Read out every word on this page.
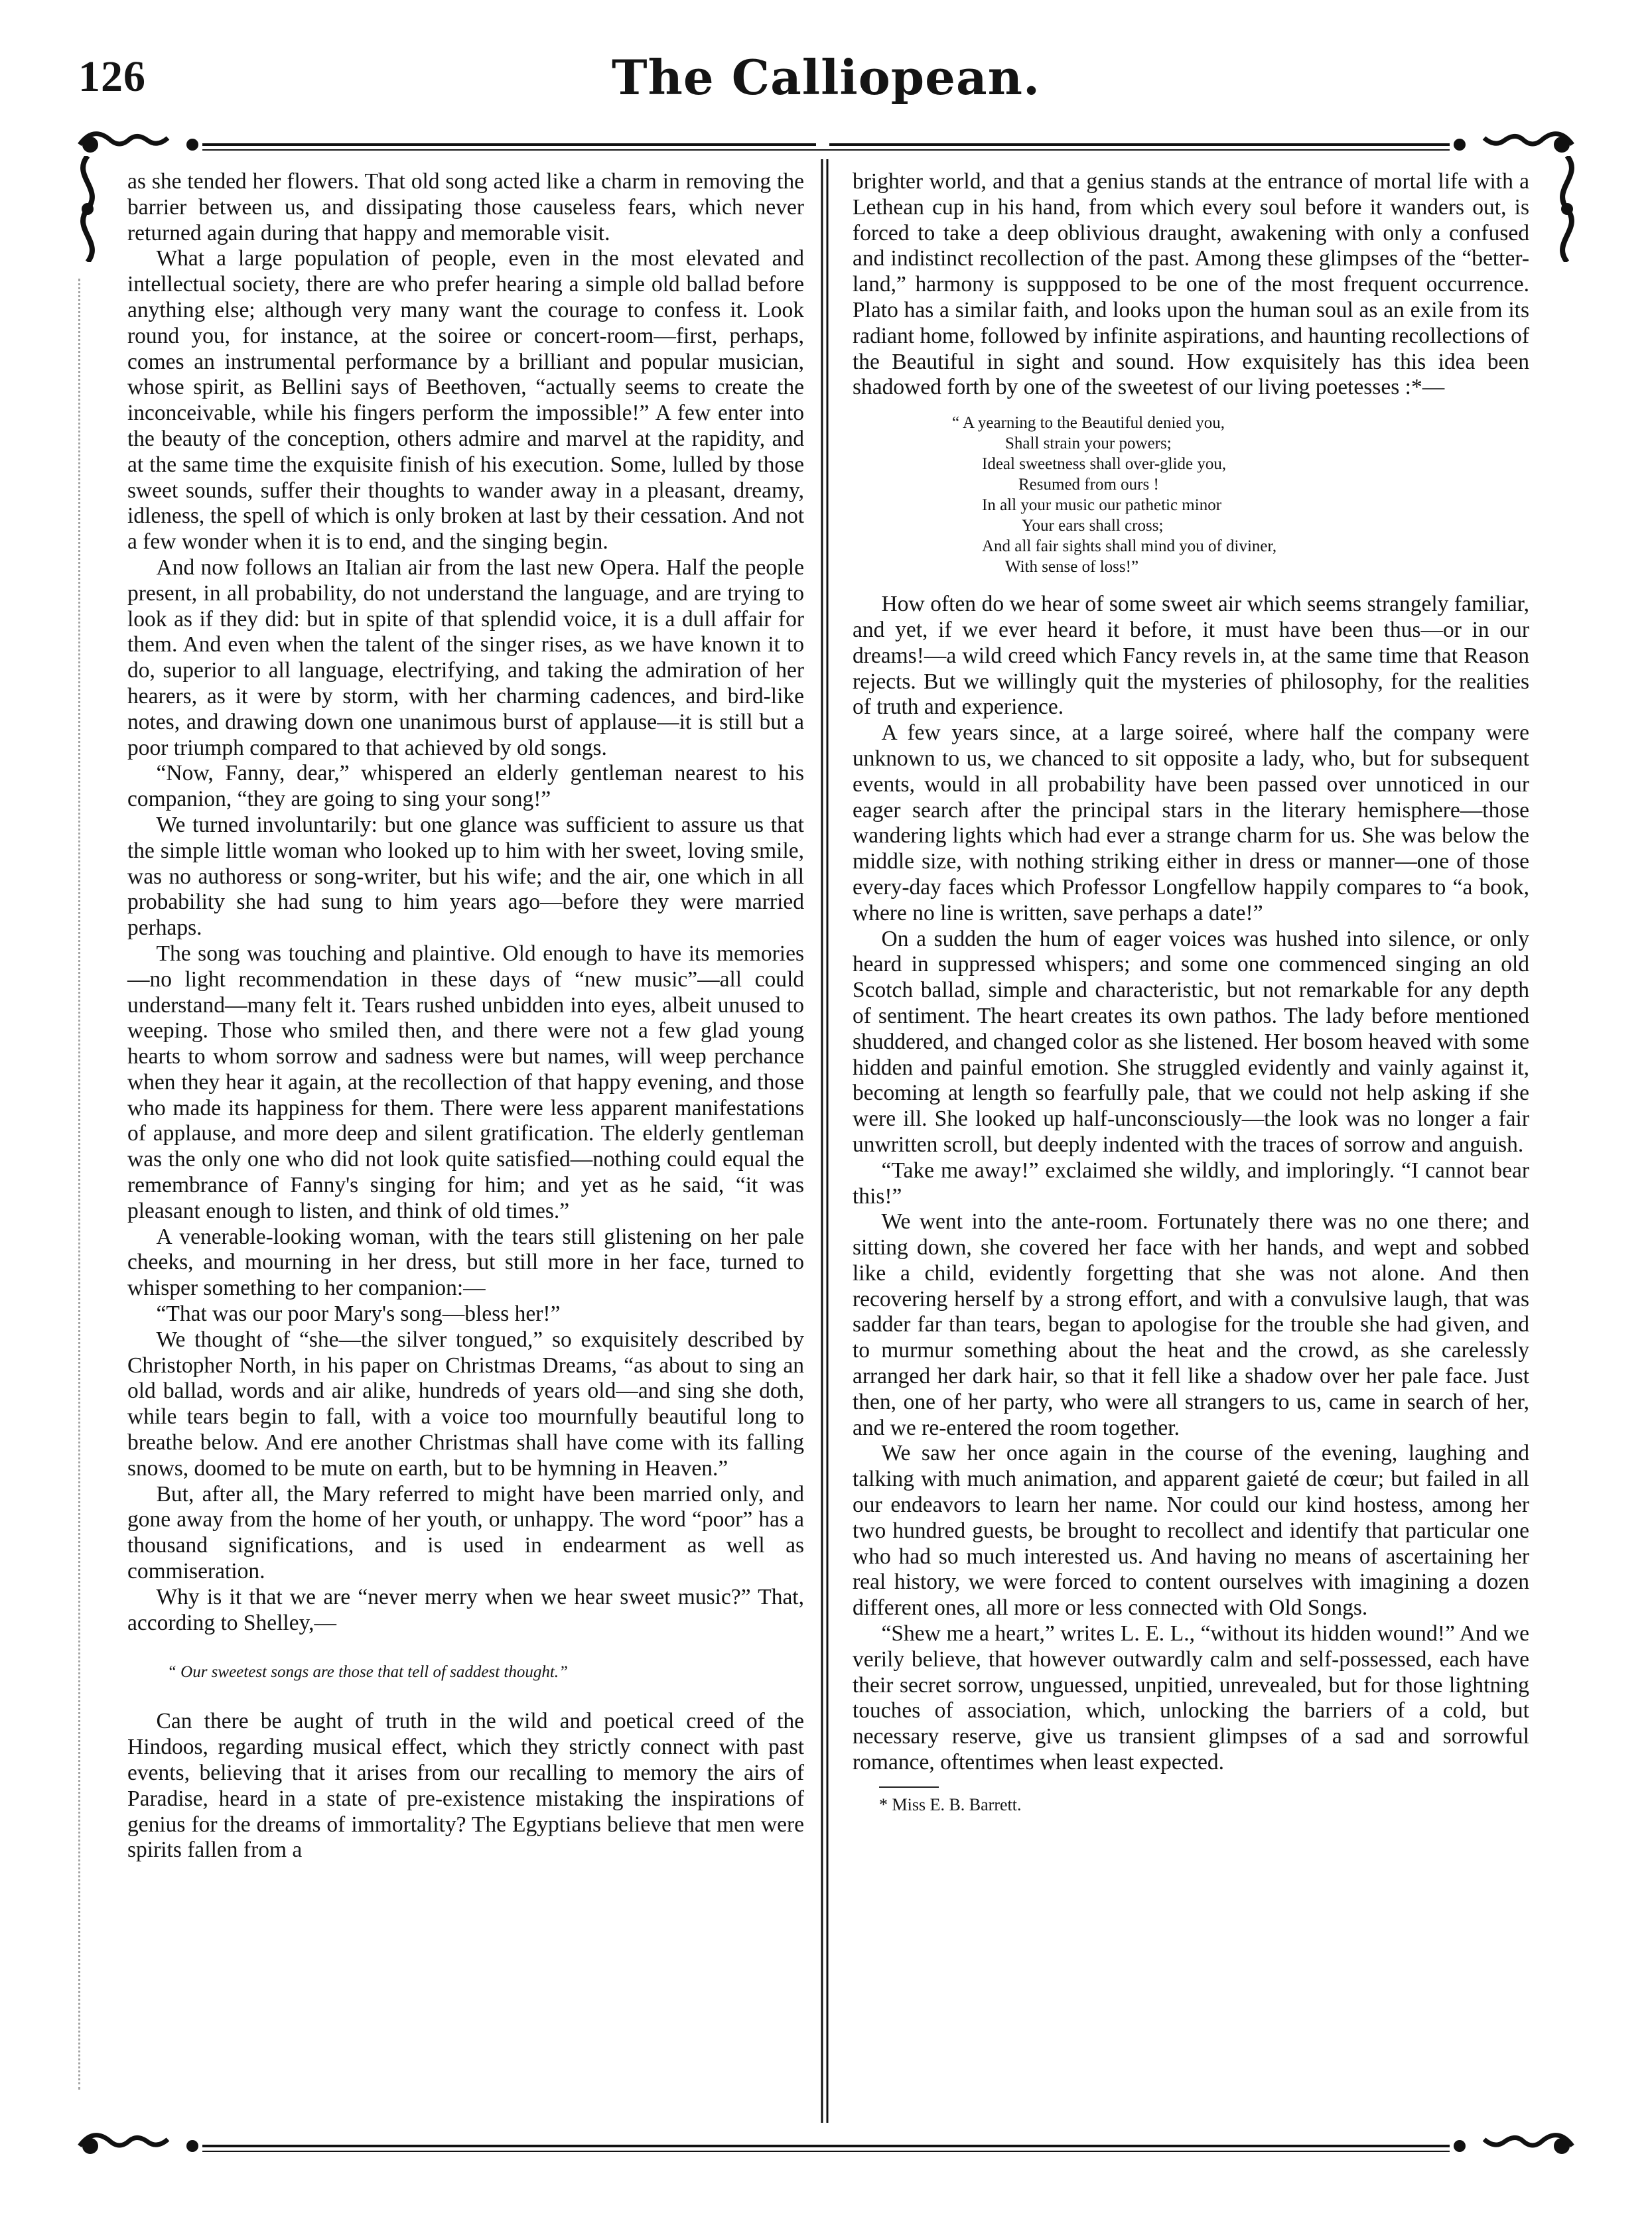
126	The Calliopean.

as she tended her flowers. That old song acted like a charm in removing the barrier between us, and dissipating those causeless fears, which never returned again during that happy and memorable visit.

What a large population of people, even in the most elevated and intellectual society, there are who prefer hearing a simple old ballad before anything else; although very many want the courage to confess it. Look round you, for instance, at the soiree or concert-room—first, perhaps, comes an instrumental performance by a brilliant and popular musician, whose spirit, as Bellini says of Beethoven, “actually seems to create the inconceivable, while his fingers perform the impossible!” A few enter into the beauty of the conception, others admire and marvel at the rapidity, and at the same time the exquisite finish of his execution. Some, lulled by those sweet sounds, suffer their thoughts to wander away in a pleasant, dreamy, idleness, the spell of which is only broken at last by their cessation. And not a few wonder when it is to end, and the singing begin.

And now follows an Italian air from the last new Opera. Half the people present, in all probability, do not understand the language, and are trying to look as if they did: but in spite of that splendid voice, it is a dull affair for them. And even when the talent of the singer rises, as we have known it to do, superior to all language, electrifying, and taking the admiration of her hearers, as it were by storm, with her charming cadences, and bird-like notes, and drawing down one unanimous burst of applause—it is still but a poor triumph compared to that achieved by old songs.

“Now, Fanny, dear,” whispered an elderly gentleman nearest to his companion, “they are going to sing your song!”

We turned involuntarily: but one glance was sufficient to assure us that the simple little woman who looked up to him with her sweet, loving smile, was no authoress or song-writer, but his wife; and the air, one which in all probability she had sung to him years ago—before they were married perhaps.

The song was touching and plaintive. Old enough to have its memories—no light recommendation in these days of “new music”—all could understand—many felt it. Tears rushed unbidden into eyes, albeit unused to weeping. Those who smiled then, and there were not a few glad young hearts to whom sorrow and sadness were but names, will weep perchance when they hear it again, at the recollection of that happy evening, and those who made its happiness for them. There were less apparent manifestations of applause, and more deep and silent gratification. The elderly gentleman was the only one who did not look quite satisfied—nothing could equal the remembrance of Fanny's singing for him; and yet as he said, “it was pleasant enough to listen, and think of old times.”

A venerable-looking woman, with the tears still glistening on her pale cheeks, and mourning in her dress, but still more in her face, turned to whisper something to her companion:—

“That was our poor Mary's song—bless her!”

We thought of “she—the silver tongued,” so exquisitely described by Christopher North, in his paper on Christmas Dreams, “as about to sing an old ballad, words and air alike, hundreds of years old—and sing she doth, while tears begin to fall, with a voice too mournfully beautiful long to breathe below. And ere another Christmas shall have come with its falling snows, doomed to be mute on earth, but to be hymning in Heaven.”

But, after all, the Mary referred to might have been married only, and gone away from the home of her youth, or unhappy. The word “poor” has a thousand significations, and is used in endearment as well as commiseration.

Why is it that we are “never merry when we hear sweet music?” That, according to Shelley,—

“ Our sweetest songs are those that tell of saddest thought.”

Can there be aught of truth in the wild and poetical creed of the Hindoos, regarding musical effect, which they strictly connect with past events, believing that it arises from our recalling to memory the airs of Paradise, heard in a state of pre-existence mistaking the inspirations of genius for the dreams of immortality? The Egyptians believe that men were spirits fallen from a

brighter world, and that a genius stands at the entrance of mortal life with a Lethean cup in his hand, from which every soul before it wanders out, is forced to take a deep oblivious draught, awakening with only a confused and indistinct recollection of the past. Among these glimpses of the “better-land,” harmony is suppposed to be one of the most frequent occurrence. Plato has a similar faith, and looks upon the human soul as an exile from its radiant home, followed by infinite aspirations, and haunting recollections of the Beautiful in sight and sound. How exquisitely has this idea been shadowed forth by one of the sweetest of our living poetesses :*—

“ A yearning to the Beautiful denied you,
Shall strain your powers;
Ideal sweetness shall over-glide you,
Resumed from ours !
In all your music our pathetic minor
Your ears shall cross;
And all fair sights shall mind you of diviner,
With sense of loss!”

How often do we hear of some sweet air which seems strangely familiar, and yet, if we ever heard it before, it must have been thus—or in our dreams!—a wild creed which Fancy revels in, at the same time that Reason rejects. But we willingly quit the mysteries of philosophy, for the realities of truth and experience.

A few years since, at a large soireé, where half the company were unknown to us, we chanced to sit opposite a lady, who, but for subsequent events, would in all probability have been passed over unnoticed in our eager search after the principal stars in the literary hemisphere—those wandering lights which had ever a strange charm for us. She was below the middle size, with nothing striking either in dress or manner—one of those every-day faces which Professor Longfellow happily compares to “a book, where no line is written, save perhaps a date!”

On a sudden the hum of eager voices was hushed into silence, or only heard in suppressed whispers; and some one commenced singing an old Scotch ballad, simple and characteristic, but not remarkable for any depth of sentiment. The heart creates its own pathos. The lady before mentioned shuddered, and changed color as she listened. Her bosom heaved with some hidden and painful emotion. She struggled evidently and vainly against it, becoming at length so fearfully pale, that we could not help asking if she were ill. She looked up half-unconsciously—the look was no longer a fair unwritten scroll, but deeply indented with the traces of sorrow and anguish.

“Take me away!” exclaimed she wildly, and imploringly. “I cannot bear this!”

We went into the ante-room. Fortunately there was no one there; and sitting down, she covered her face with her hands, and wept and sobbed like a child, evidently forgetting that she was not alone. And then recovering herself by a strong effort, and with a convulsive laugh, that was sadder far than tears, began to apologise for the trouble she had given, and to murmur something about the heat and the crowd, as she carelessly arranged her dark hair, so that it fell like a shadow over her pale face. Just then, one of her party, who were all strangers to us, came in search of her, and we re-entered the room together.

We saw her once again in the course of the evening, laughing and talking with much animation, and apparent gaieté de cœur; but failed in all our endeavors to learn her name. Nor could our kind hostess, among her two hundred guests, be brought to recollect and identify that particular one who had so much interested us. And having no means of ascertaining her real history, we were forced to content ourselves with imagining a dozen different ones, all more or less connected with Old Songs.

“Shew me a heart,” writes L. E. L., “without its hidden wound!” And we verily believe, that however outwardly calm and self-possessed, each have their secret sorrow, unguessed, unpitied, unrevealed, but for those lightning touches of association, which, unlocking the barriers of a cold, but necessary reserve, give us transient glimpses of a sad and sorrowful romance, oftentimes when least expected.

* Miss E. B. Barrett.
